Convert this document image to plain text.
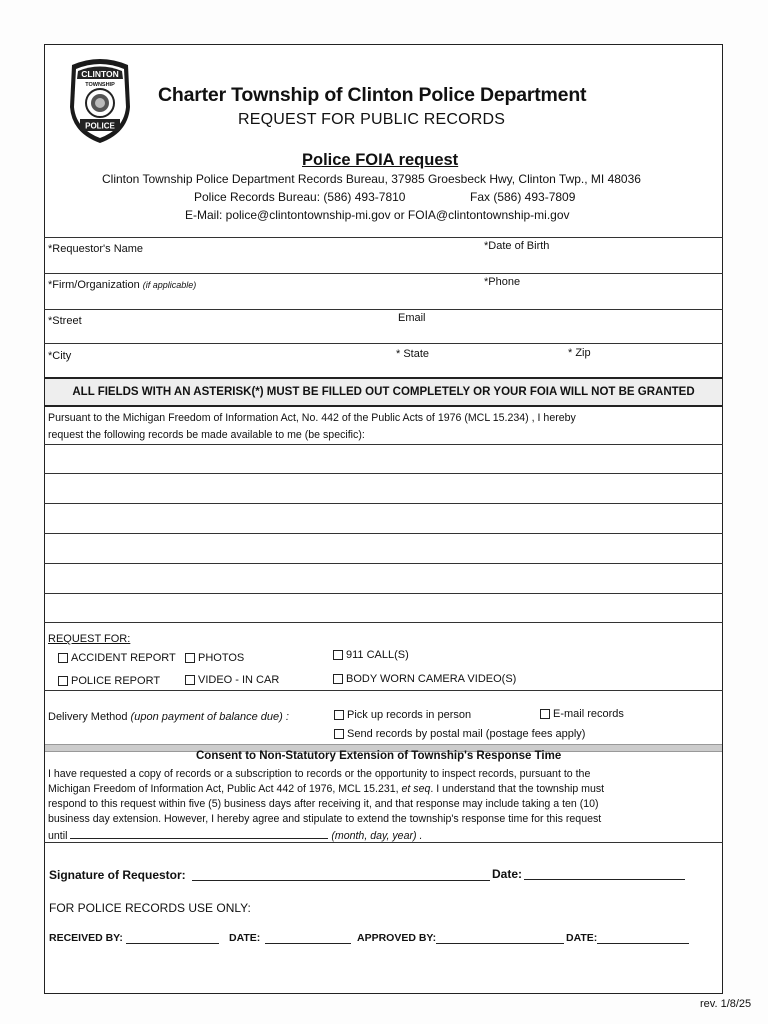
CLINTON
TOWNSHIP
POLICE
Charter Township of Clinton Police Department
REQUEST FOR PUBLIC RECORDS
Police FOIA request
Clinton Township Police Department Records Bureau, 37985 Groesbeck Hwy, Clinton Twp., MI 48036
Police Records Bureau: (586) 493-7810	Fax (586) 493-7809
E-Mail: police@clintontownship-mi.gov or FOIA@clintontownship-mi.gov
*Requestor's Name	*Date of Birth
*Firm/Organization (if applicable)	*Phone
*Street	Email
*City	* State	* Zip
ALL FIELDS WITH AN ASTERISK(*) MUST BE FILLED OUT COMPLETELY OR YOUR FOIA WILL NOT BE GRANTED
Pursuant to the Michigan Freedom of Information Act, No. 442 of the Public Acts of 1976 (MCL 15.234) , I hereby
request the following records be made available to me (be specific):
REQUEST FOR:
ACCIDENT REPORT PHOTOS	911 CALL(S)
POLICE REPORT	VIDEO - IN CAR	BODY WORN CAMERA VIDEO(S)
Delivery Method (upon payment of balance due) :	Pick up records in person	E-mail records
Send records by postal mail (postage fees apply)
Consent to Non-Statutory Extension of Township's Response Time
I have requested a copy of records or a subscription to records or the opportunity to inspect records, pursuant to the
Michigan Freedom of Information Act, Public Act 442 of 1976, MCL 15.231, et seq. I understand that the township must
respond to this request within five (5) business days after receiving it, and that response may include taking a ten (10)
business day extension. However, I hereby agree and stipulate to extend the township's response time for this request
until	(month, day, year) .
Signature of Requestor:	Date:
FOR POLICE RECORDS USE ONLY:
RECEIVED BY:	DATE:	APPROVED BY:	DATE:
rev. 1/8/25
